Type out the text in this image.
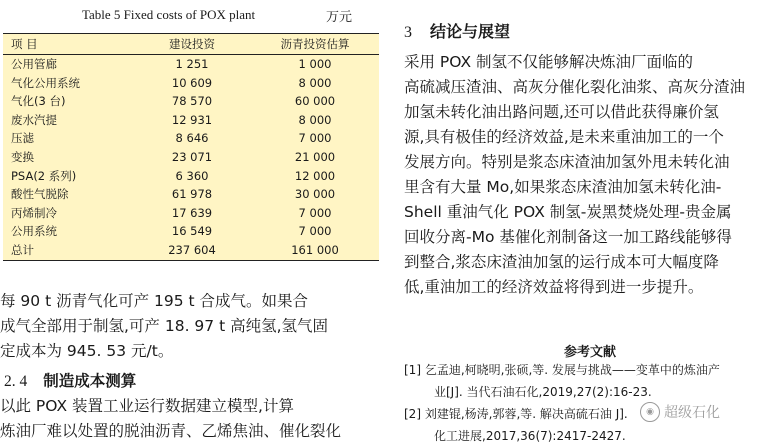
Table 5 Fixed costs of POX plant	万元
项 目	建设投资	沥青投资估算
公用管廊	1 251	1 000
气化公用系统	10 609	8 000
气化(3 台)	78 570	60 000
废水汽提	12 931	8 000
压滤	8 646	7 000
变换	23 071	21 000
PSA(2 系列)	6 360	12 000
酸性气脱除	61 978	30 000
丙烯制冷	17 639	7 000
公用系统	16 549	7 000
总计	237 604	161 000
每 90 t 沥青气化可产 195 t 合成气。如果合
成气全部用于制氢,可产 18. 97 t 高纯氢,氢气固
定成本为 945. 53 元/t。
2. 4 制造成本测算
以此 POX 装置工业运行数据建立模型,计算
炼油厂难以处置的脱油沥青、乙烯焦油、催化裂化
3 结论与展望
采用 POX 制氢不仅能够解决炼油厂面临的
高硫减压渣油、高灰分催化裂化油浆、高灰分渣油
加氢未转化油出路问题,还可以借此获得廉价氢
源,具有极佳的经济效益,是未来重油加工的一个
发展方向。特别是浆态床渣油加氢外甩未转化油
里含有大量 Mo,如果浆态床渣油加氢未转化油-
Shell 重油气化 POX 制氢-炭黑焚烧处理-贵金属
回收分离-Mo 基催化剂制备这一加工路线能够得
到整合,浆态床渣油加氢的运行成本可大幅度降
低,重油加工的经济效益将得到进一步提升。
参考文献
[1] 乞孟迪,柯晓明,张硕,等. 发展与挑战——变革中的炼油产
业[J]. 当代石油石化,2019,27(2):16-23.
[2] 刘建锟,杨涛,郭蓉,等. 解决高硫石油 J].
化工进展,2017,36(7):2417-2427.
◉ 超级石化
